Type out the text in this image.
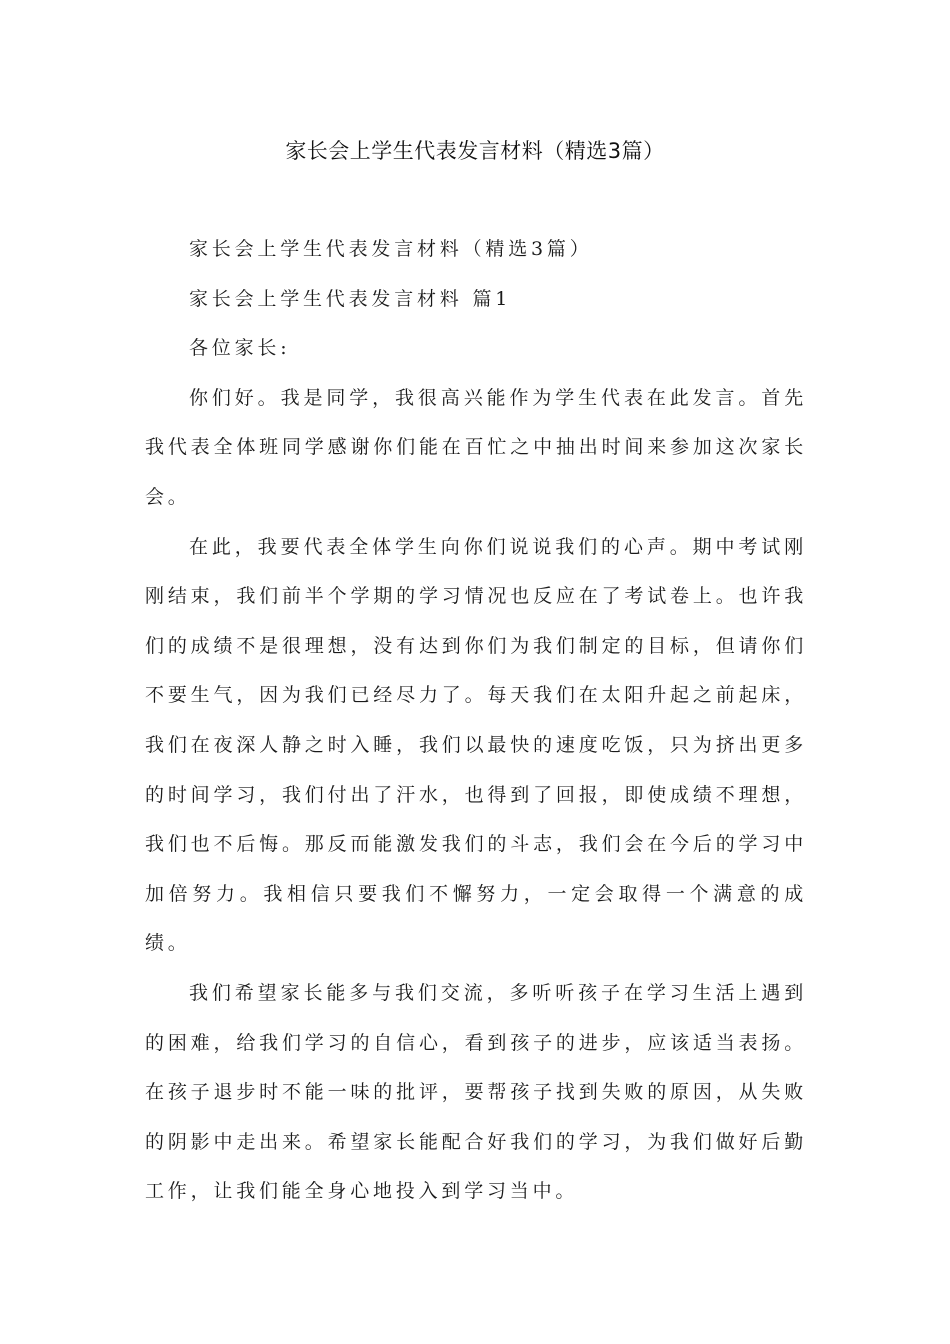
家长会上学生代表发言材料（精选3篇）

家长会上学生代表发言材料（精选3篇）

家长会上学生代表发言材料 篇1

各位家长:

你们好。我是同学，我很高兴能作为学生代表在此发言。首先我代表全体班同学感谢你们能在百忙之中抽出时间来参加这次家长会。

在此，我要代表全体学生向你们说说我们的心声。期中考试刚刚结束，我们前半个学期的学习情况也反应在了考试卷上。也许我们的成绩不是很理想，没有达到你们为我们制定的目标，但请你们不要生气，因为我们已经尽力了。每天我们在太阳升起之前起床，我们在夜深人静之时入睡，我们以最快的速度吃饭，只为挤出更多的时间学习，我们付出了汗水，也得到了回报，即使成绩不理想，我们也不后悔。那反而能激发我们的斗志，我们会在今后的学习中加倍努力。我相信只要我们不懈努力，一定会取得一个满意的成绩。

我们希望家长能多与我们交流，多听听孩子在学习生活上遇到的困难，给我们学习的自信心，看到孩子的进步，应该适当表扬。在孩子退步时不能一味的批评，要帮孩子找到失败的原因，从失败的阴影中走出来。希望家长能配合好我们的学习，为我们做好后勤工作，让我们能全身心地投入到学习当中。
